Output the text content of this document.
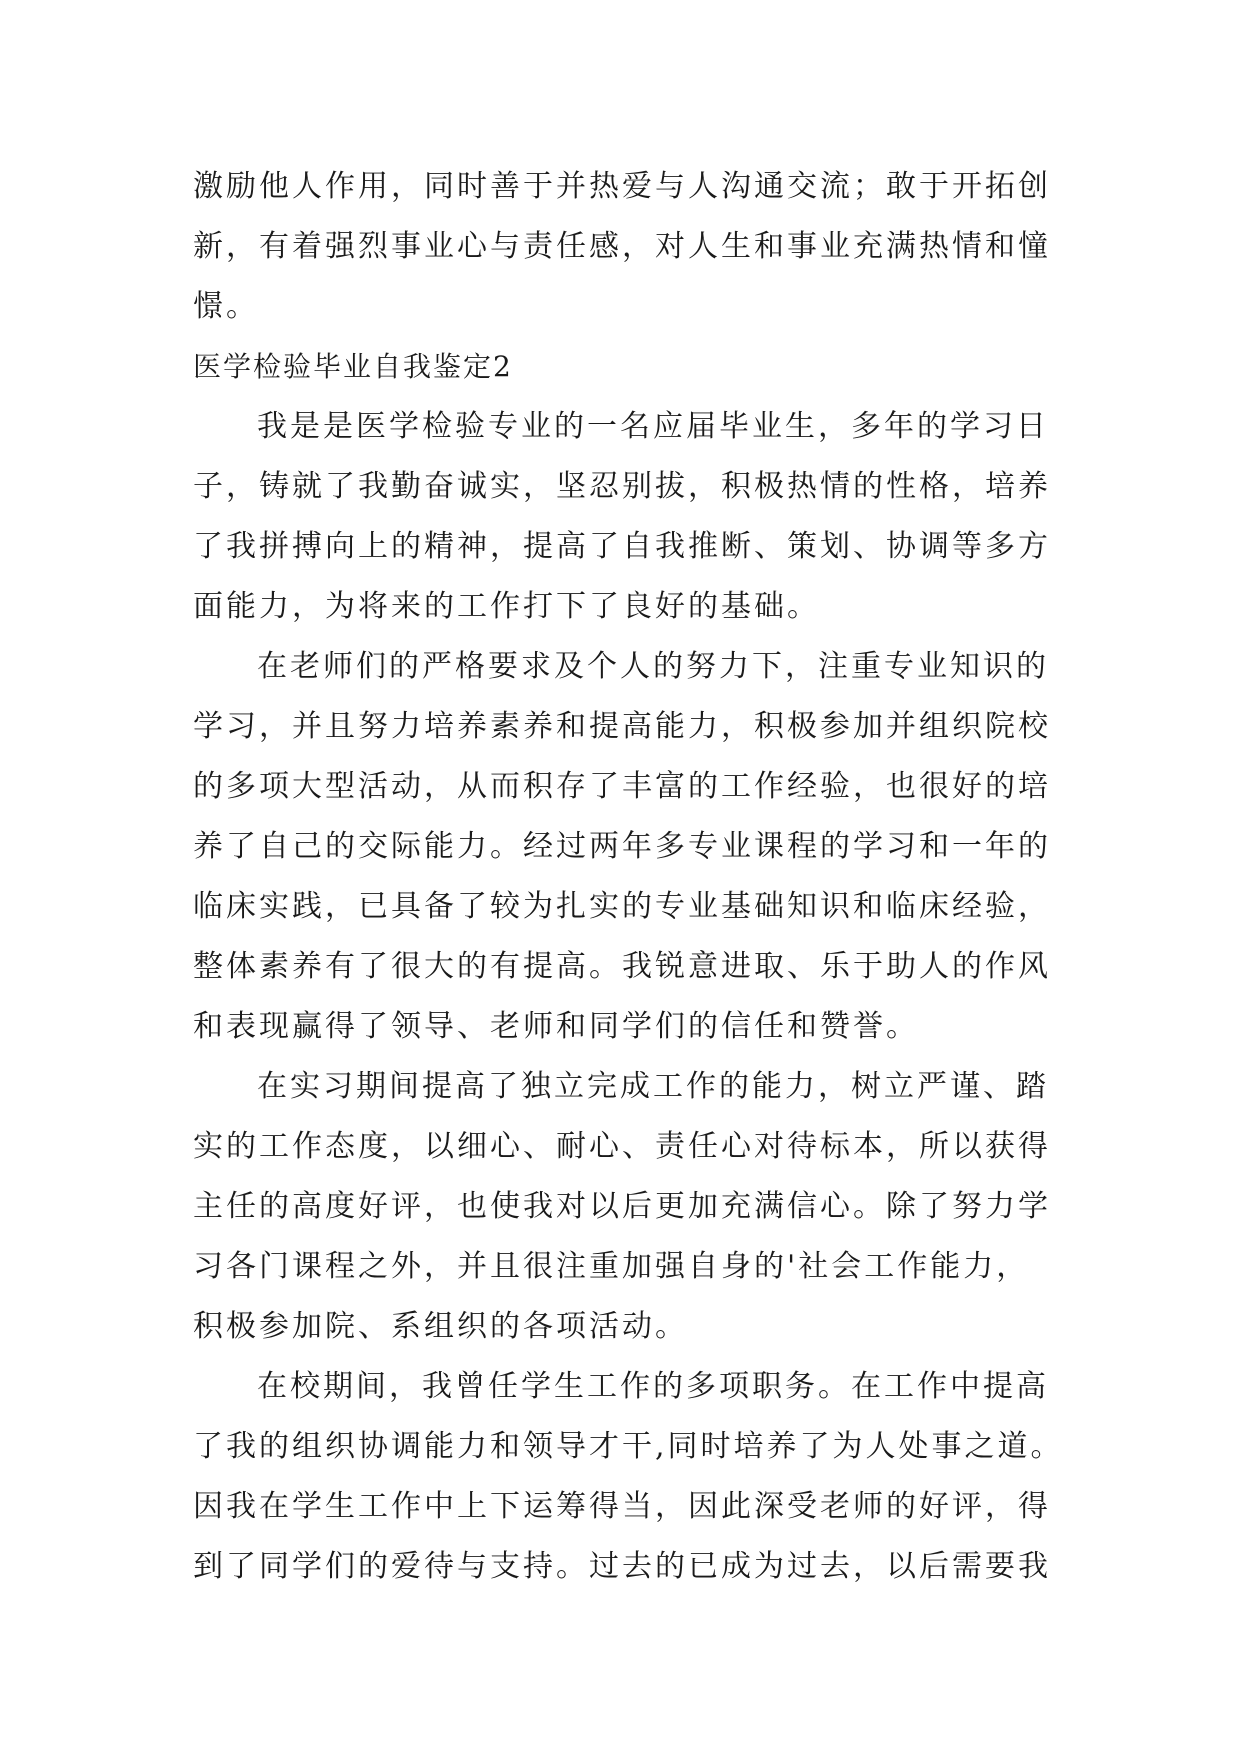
激励他人作用，同时善于并热爱与人沟通交流；敢于开拓创
新，有着强烈事业心与责任感，对人生和事业充满热情和憧
憬。
医学检验毕业自我鉴定2
我是是医学检验专业的一名应届毕业生，多年的学习日
子，铸就了我勤奋诚实，坚忍别拔，积极热情的性格，培养
了我拼搏向上的精神，提高了自我推断、策划、协调等多方
面能力，为将来的工作打下了良好的基础。
在老师们的严格要求及个人的努力下，注重专业知识的
学习，并且努力培养素养和提高能力，积极参加并组织院校
的多项大型活动，从而积存了丰富的工作经验，也很好的培
养了自己的交际能力。经过两年多专业课程的学习和一年的
临床实践，已具备了较为扎实的专业基础知识和临床经验，
整体素养有了很大的有提高。我锐意进取、乐于助人的作风
和表现赢得了领导、老师和同学们的信任和赞誉。
在实习期间提高了独立完成工作的能力，树立严谨、踏
实的工作态度，以细心、耐心、责任心对待标本，所以获得
主任的高度好评，也使我对以后更加充满信心。除了努力学
习各门课程之外，并且很注重加强自身的'社会工作能力，
积极参加院、系组织的各项活动。
在校期间，我曾任学生工作的多项职务。在工作中提高
了我的组织协调能力和领导才干,同时培养了为人处事之道。
因我在学生工作中上下运筹得当，因此深受老师的好评，得
到了同学们的爱待与支持。过去的已成为过去，以后需要我
